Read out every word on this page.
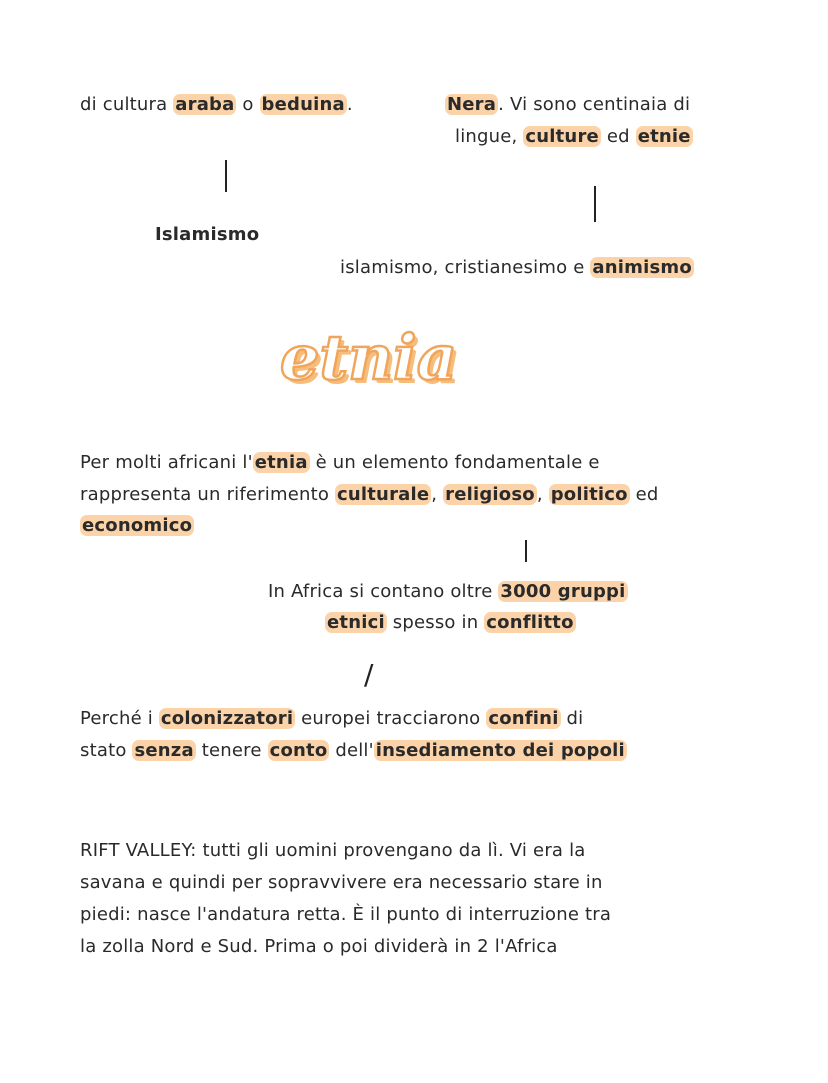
di cultura araba o beduina .
Islamismo
Nera . Vi sono centinaia di
lingue, culture ed etnie
islamismo, cristianesimo e animismo
etnia
Per molti africani l' etnia è un elemento fondamentale e
rappresenta un riferimento culturale , religioso , politico ed
economico
In Africa si contano oltre 3000 gruppi
etnici spesso in conflitto
/
Perché i colonizzatori europei tracciarono confini di
stato senza tenere conto dell' insediamento dei popoli
RIFT VALLEY: tutti gli uomini provengano da lì. Vi era la
savana e quindi per sopravvivere era necessario stare in
piedi: nasce l'andatura retta. È il punto di interruzione tra
la zolla Nord e Sud. Prima o poi dividerà in 2 l'Africa
